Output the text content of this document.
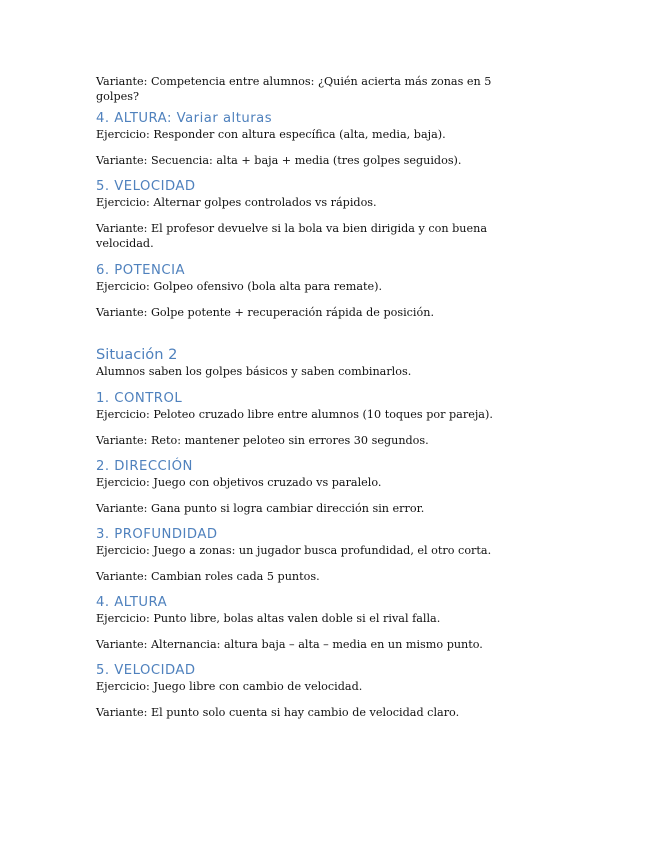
Variante: Competencia entre alumnos: ¿Quién acierta más zonas en 5 golpes?

4. ALTURA: Variar alturas

Ejercicio: Responder con altura específica (alta, media, baja).

Variante: Secuencia: alta + baja + media (tres golpes seguidos).

5. VELOCIDAD

Ejercicio: Alternar golpes controlados vs rápidos.

Variante: El profesor devuelve si la bola va bien dirigida y con buena velocidad.

6. POTENCIA

Ejercicio: Golpeo ofensivo (bola alta para remate).

Variante: Golpe potente + recuperación rápida de posición.

Situación 2

Alumnos saben los golpes básicos y saben combinarlos.

1. CONTROL

Ejercicio: Peloteo cruzado libre entre alumnos (10 toques por pareja).

Variante: Reto: mantener peloteo sin errores 30 segundos.

2. DIRECCIÓN

Ejercicio: Juego con objetivos cruzado vs paralelo.

Variante: Gana punto si logra cambiar dirección sin error.

3. PROFUNDIDAD

Ejercicio: Juego a zonas: un jugador busca profundidad, el otro corta.

Variante: Cambian roles cada 5 puntos.

4. ALTURA

Ejercicio: Punto libre, bolas altas valen doble si el rival falla.

Variante: Alternancia: altura baja – alta – media en un mismo punto.

5. VELOCIDAD

Ejercicio: Juego libre con cambio de velocidad.

Variante: El punto solo cuenta si hay cambio de velocidad claro.
